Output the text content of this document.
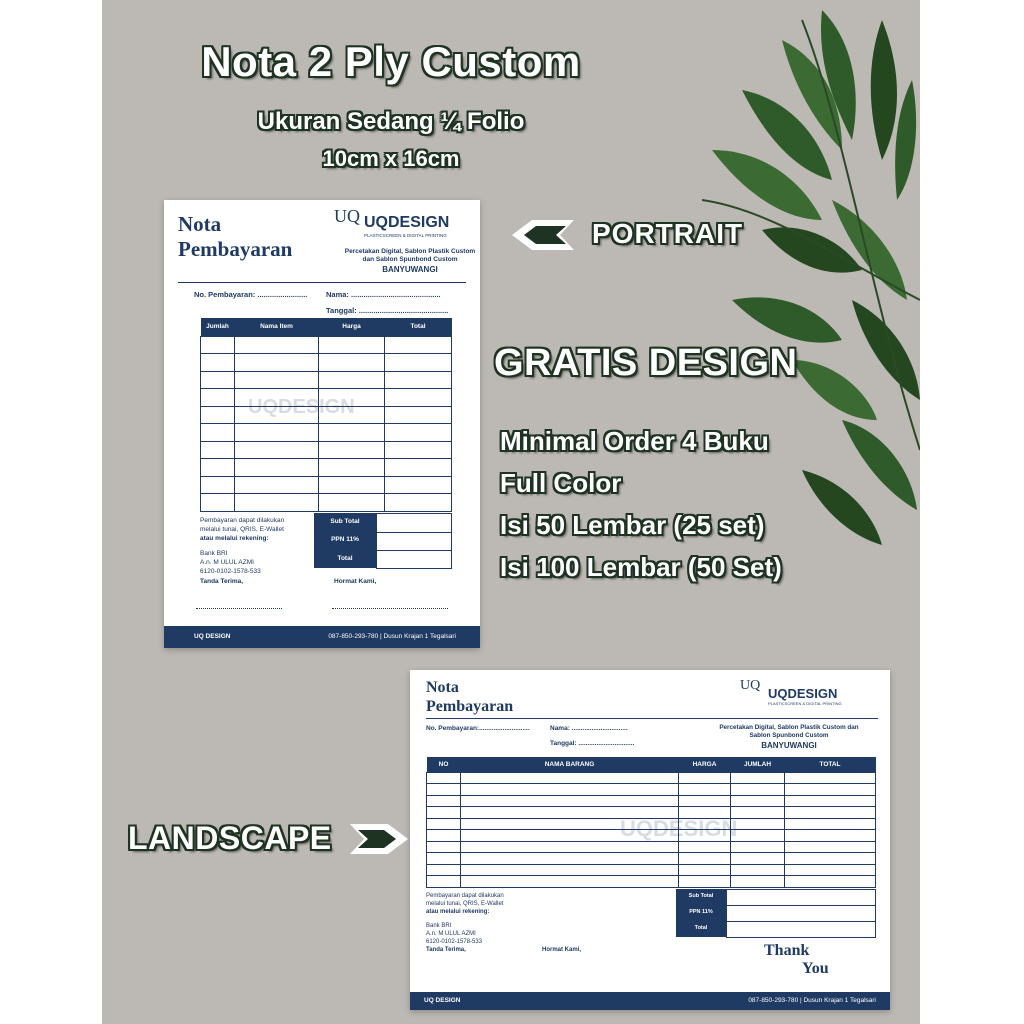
Nota 2 Ply Custom
Ukuran Sedang ¼ Folio
10cm x 16cm
PORTRAIT
GRATIS DESIGN
Minimal Order 4 Buku
Full Color
Isi 50 Lembar (25 set)
Isi 100 Lembar (50 Set)
Nota
Pembayaran
UQ UQDESIGN
PLASTICSCREEN & DIGITAL PRINTING
Percetakan Digital, Sablon Plastik Custom
dan Sablon Spunbond Custom
BANYUWANGI
No. Pembayaran: ........................ Nama: ...........................................
Tanggal: ...........................................
Jumlah	Nama Item	Harga	Total

UQDESIGN
Pembayaran dapat dilakukan
melalui tunai, QRIS, E-Wallet
atau melalui rekening:
Bank BRI
A.n. M ULUL AZMI
6120-0102-1578-533
Sub Total
PPN 11%
Total
Tanda Terima,	Hormat Kami,
UQ DESIGN	087-850-293-780 | Dusun Krajan 1 Tegalsari
Nota
Pembayaran
UQ
UQDESIGN
PLASTICSCREEN & DIGITAL PRINTING
No. Pembayaran:............................	Nama: ...............................
Tanggal: ...............................
Percetakan Digital, Sablon Plastik Custom dan
Sablon Spunbond Custom
BANYUWANGI
NO	NAMA BARANG	HARGA	JUMLAH	TOTAL

UQDESIGN
Pembayaran dapat dilakukan
melalui tunai, QRIS, E-Wallet
atau melalui rekening:
Bank BRI
A.n. M ULUL AZMI
6120-0102-1578-533
Sub Total
PPN 11%
Total
Tanda Terima,	Hormat Kami,	Thank
You
UQ DESIGN	087-850-293-780 | Dusun Krajan 1 Tegalsari
LANDSCAPE
